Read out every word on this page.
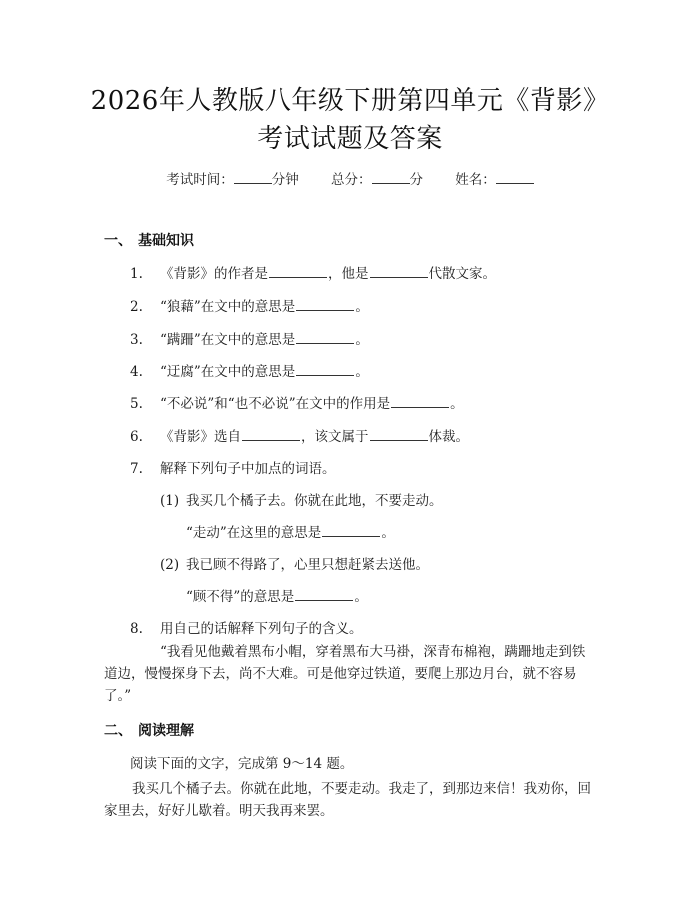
2026年人教版八年级下册第四单元《背影》
考试试题及答案
考试时间：	分钟 总分：	分 姓名：
一、 基础知识
1. 《背影》的作者是	，他是	代散文家。
2. “狼藉”在文中的意思是	。
3. “蹒跚”在文中的意思是	。
4. “迂腐”在文中的意思是	。
5. “不必说”和“也不必说”在文中的作用是	。
6. 《背影》选自	，该文属于	体裁。
7. 解释下列句子中加点的词语。
(1) 我买几个橘子去。你就在此地，不要走动。
“走动”在这里的意思是	。
(2) 我已顾不得路了，心里只想赶紧去送他。
“顾不得”的意思是	。
8. 用自己的话解释下列句子的含义。
“我看见他戴着黑布小帽，穿着黑布大马褂，深青布棉袍，蹒跚地走到铁
道边，慢慢探身下去，尚不大难。可是他穿过铁道，要爬上那边月台，就不容易
了。”
二、 阅读理解
阅读下面的文字，完成第 9～14 题。
我买几个橘子去。你就在此地，不要走动。我走了，到那边来信！我劝你，回
家里去，好好儿歇着。明天我再来罢。
